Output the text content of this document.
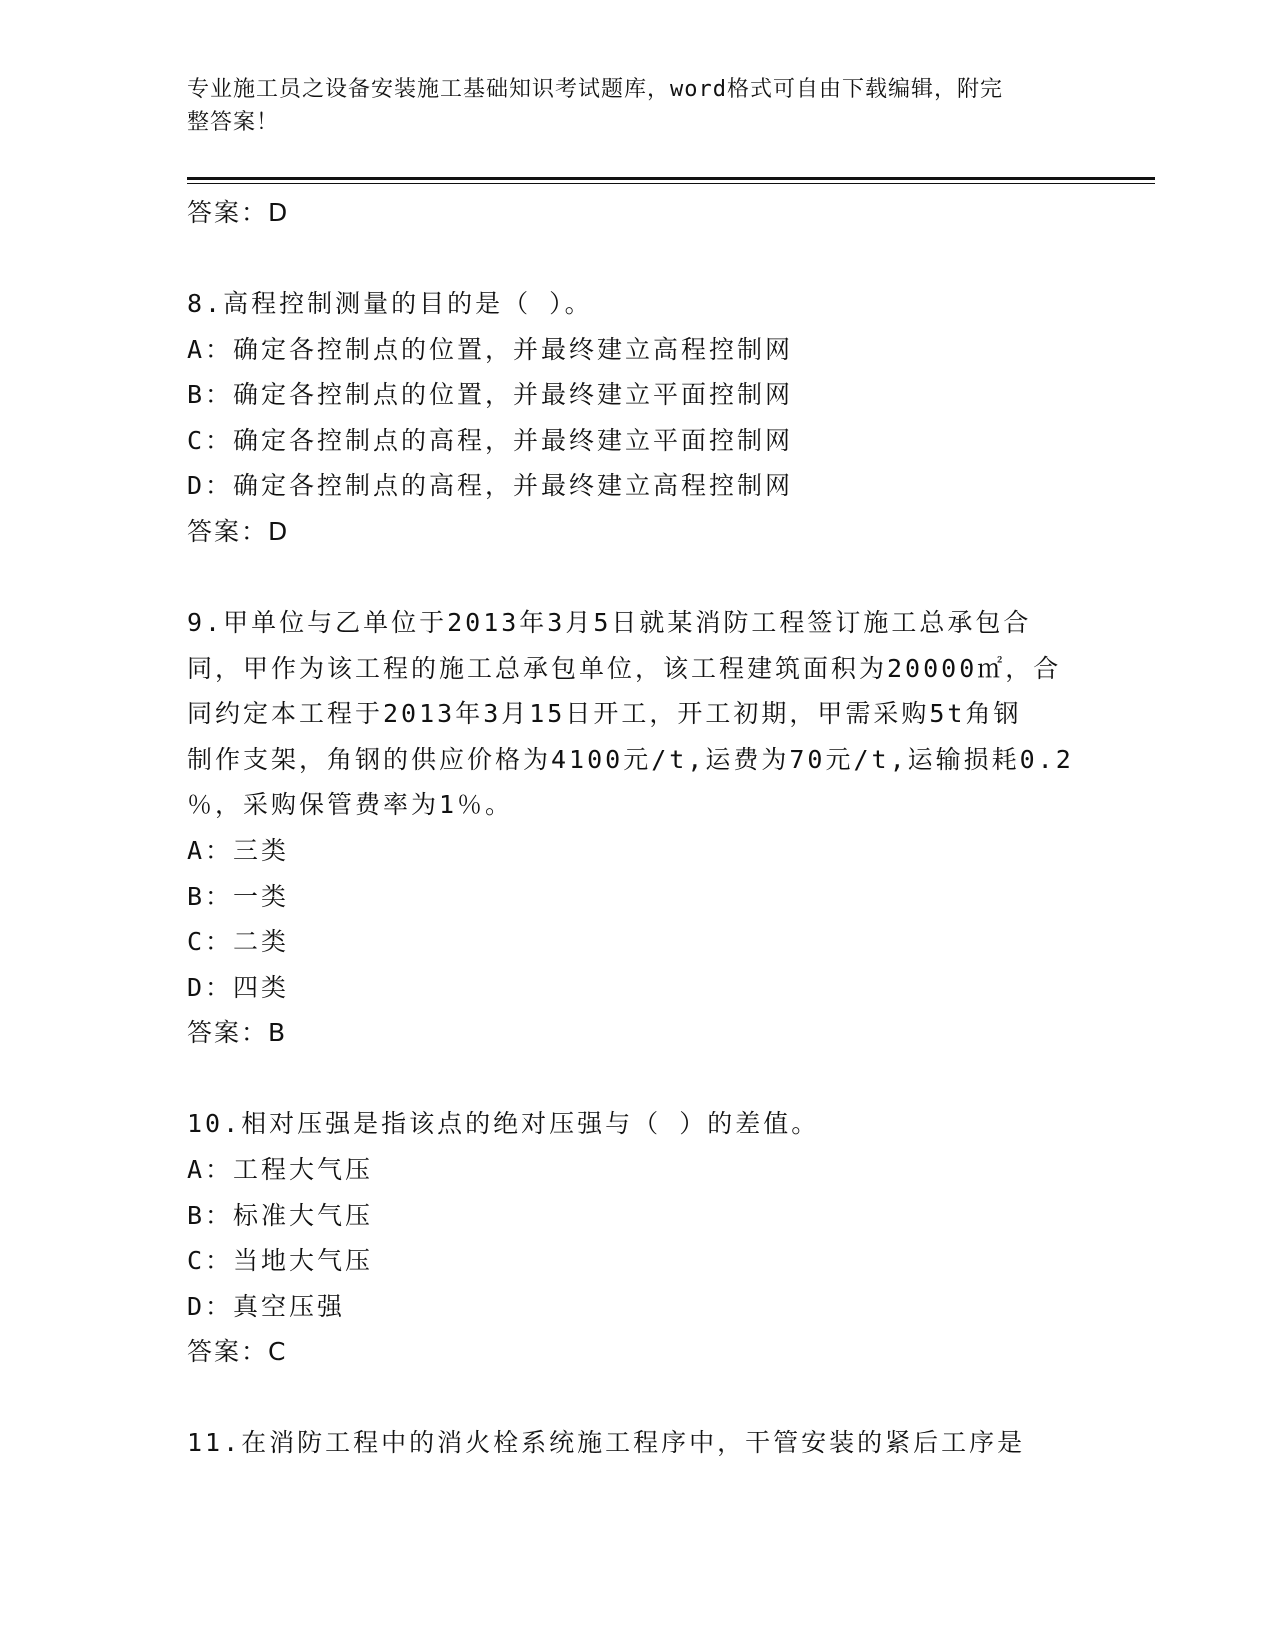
专业施工员之设备安装施工基础知识考试题库，word格式可自由下载编辑，附完
整答案！
答案：D
8.高程控制测量的目的是（ ）。
A：确定各控制点的位置，并最终建立高程控制网
B：确定各控制点的位置，并最终建立平面控制网
C：确定各控制点的高程，并最终建立平面控制网
D：确定各控制点的高程，并最终建立高程控制网
答案：D
9.甲单位与乙单位于2013年3月5日就某消防工程签订施工总承包合
同，甲作为该工程的施工总承包单位，该工程建筑面积为20000㎡，合
同约定本工程于2013年3月15日开工，开工初期，甲需采购5t角钢
制作支架，角钢的供应价格为4100元/t,运费为70元/t,运输损耗0.2
％，采购保管费率为1％。
A：三类
B：一类
C：二类
D：四类
答案：B
10.相对压强是指该点的绝对压强与（ ）的差值。
A：工程大气压
B：标准大气压
C：当地大气压
D：真空压强
答案：C
11.在消防工程中的消火栓系统施工程序中，干管安装的紧后工序是
